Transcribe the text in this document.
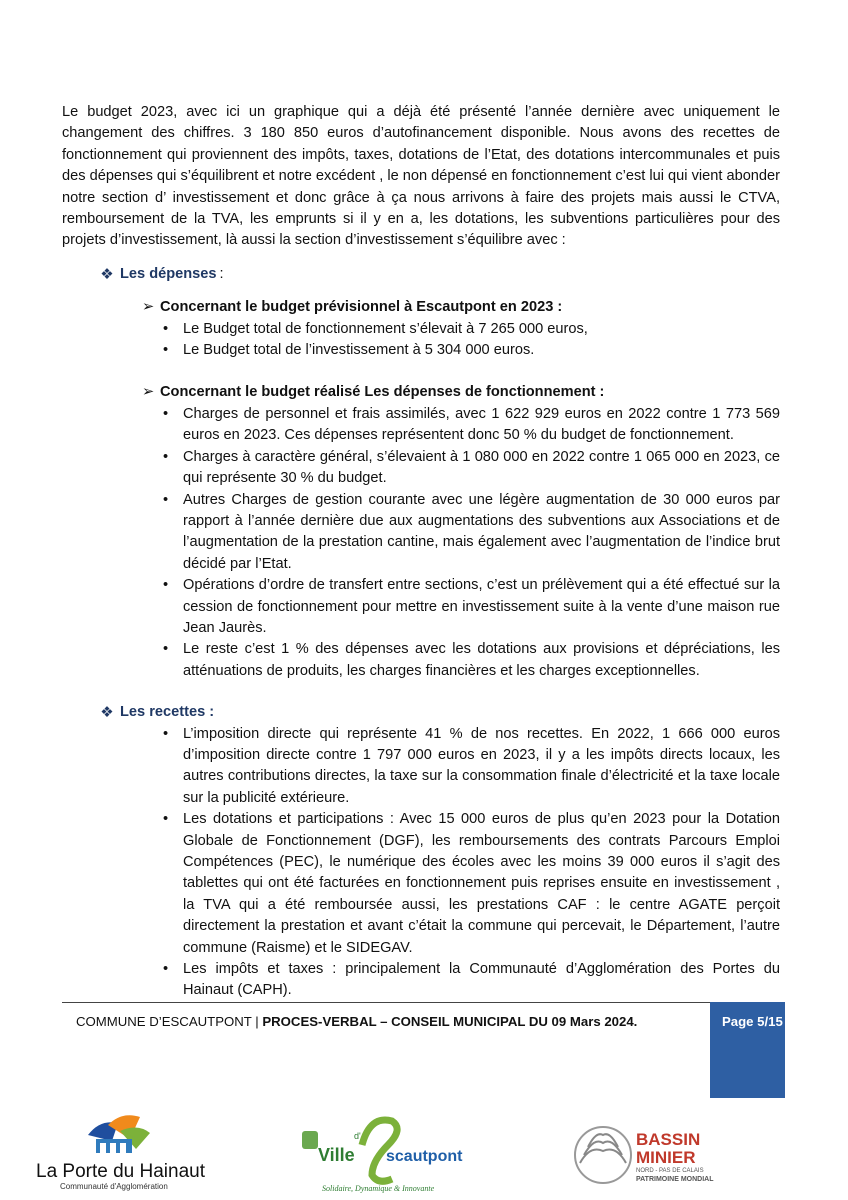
Le budget 2023, avec ici un graphique qui a déjà été présenté l’année dernière avec uniquement le changement des chiffres. 3 180 850 euros d’autofinancement disponible. Nous avons des recettes de fonctionnement qui proviennent des impôts, taxes, dotations de l’Etat, des dotations intercommunales et puis des dépenses qui s’équilibrent et notre excédent , le non dépensé en fonctionnement c’est lui qui vient abonder notre section d’ investissement et donc grâce à ça nous arrivons à faire des projets mais aussi le CTVA, remboursement de la TVA, les emprunts si il y en a, les dotations, les subventions particulières pour des projets d’investissement, là aussi la section d’investissement s’équilibre avec :

❖ Les dépenses :
➢ Concernant le budget prévisionnel à Escautpont en 2023 :
• Le Budget total de fonctionnement s’élevait à 7 265 000 euros,
• Le Budget total de l’investissement à 5 304 000 euros.
➢ Concernant le budget réalisé Les dépenses de fonctionnement :
• Charges de personnel et frais assimilés, avec 1 622 929 euros en 2022 contre 1 773 569 euros en 2023. Ces dépenses représentent donc 50 % du budget de fonctionnement.
• Charges à caractère général, s’élevaient à 1 080 000 en 2022 contre 1 065 000 en 2023, ce qui représente 30 % du budget.
• Autres Charges de gestion courante avec une légère augmentation de 30 000 euros par rapport à l’année dernière due aux augmentations des subventions aux Associations et de l’augmentation de la prestation cantine, mais également avec l’augmentation de l’indice brut décidé par l’Etat.
• Opérations d’ordre de transfert entre sections, c’est un prélèvement qui a été effectué sur la cession de fonctionnement pour mettre en investissement suite à la vente d’une maison rue Jean Jaurès.
• Le reste c’est 1 % des dépenses avec les dotations aux provisions et dépréciations, les atténuations de produits, les charges financières et les charges exceptionnelles.
❖ Les recettes :
• L’imposition directe qui représente 41 % de nos recettes. En 2022, 1 666 000 euros d’imposition directe contre 1 797 000 euros en 2023, il y a les impôts directs locaux, les autres contributions directes, la taxe sur la consommation finale d’électricité et la taxe locale sur la publicité extérieure.
• Les dotations et participations : Avec 15 000 euros de plus qu’en 2023 pour la Dotation Globale de Fonctionnement (DGF), les remboursements des contrats Parcours Emploi Compétences (PEC), le numérique des écoles avec les moins 39 000 euros il s’agit des tablettes qui ont été facturées en fonctionnement puis reprises ensuite en investissement , la TVA qui a été remboursée aussi, les prestations CAF : le centre AGATE perçoit directement la prestation et avant c’était la commune qui percevait, le Département, l’autre commune (Raisme) et le SIDEGAV.
• Les impôts et taxes : principalement la Communauté d’Agglomération des Portes du Hainaut (CAPH).
COMMUNE D’ESCAUTPONT | PROCES-VERBAL – CONSEIL MUNICIPAL DU 09 Mars 2024.	Page 5/15
La Porte du Hainaut
Communauté d'Agglomération
Ville
d'
scautpont
Solidaire, Dynamique & Innovante
BASSIN
MINIER
NORD - PAS DE CALAIS
PATRIMOINE MONDIAL
